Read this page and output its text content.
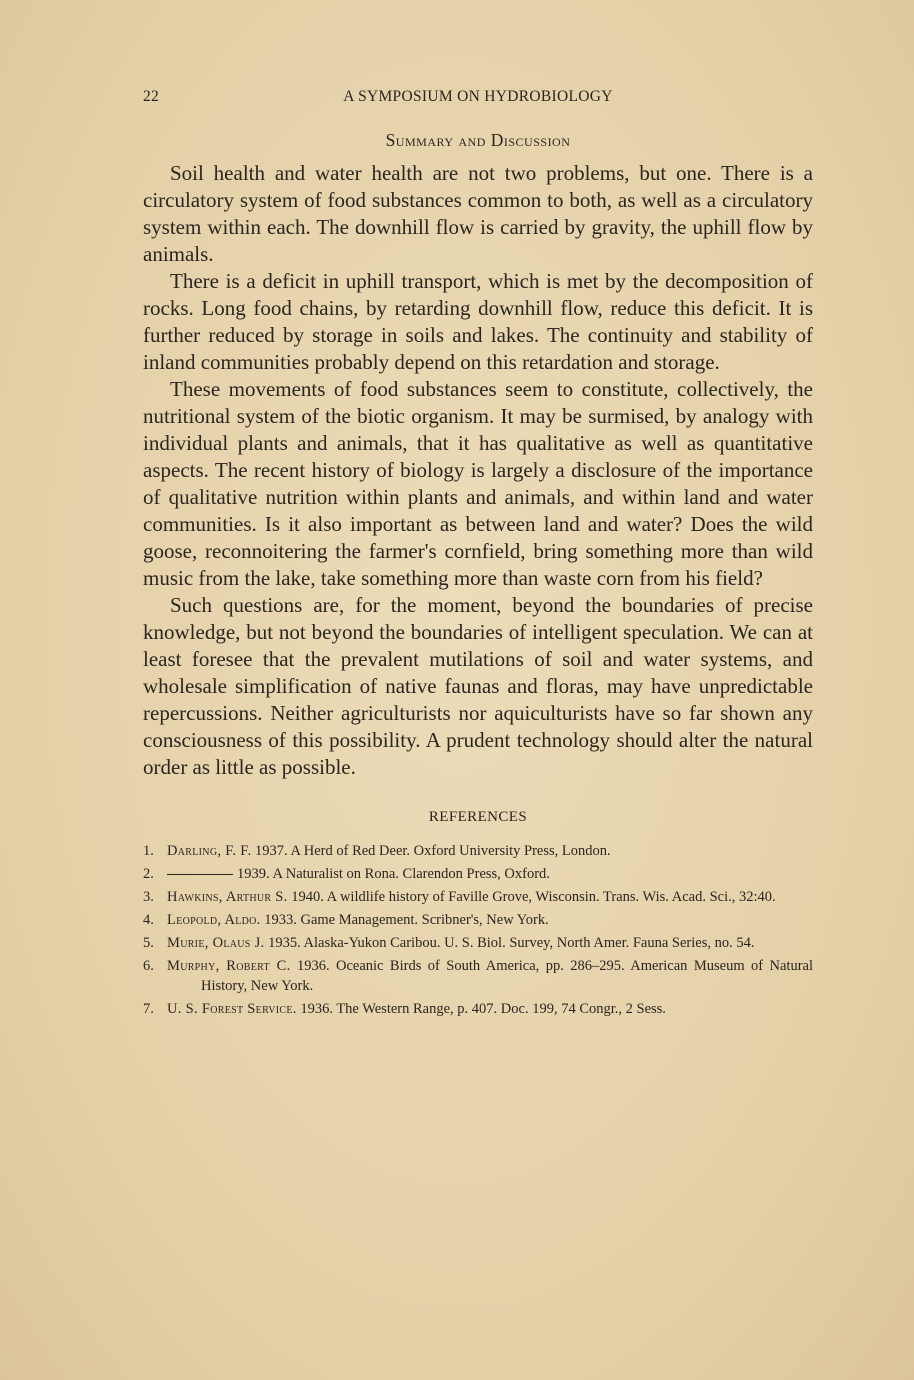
22	A SYMPOSIUM ON HYDROBIOLOGY
Summary and Discussion

Soil health and water health are not two problems, but one. There is a circulatory system of food substances common to both, as well as a circulatory system within each. The downhill flow is carried by gravity, the uphill flow by animals.

There is a deficit in uphill transport, which is met by the decomposition of rocks. Long food chains, by retarding downhill flow, reduce this deficit. It is further reduced by storage in soils and lakes. The continuity and stability of inland communities probably depend on this retardation and storage.

These movements of food substances seem to constitute, collectively, the nutritional system of the biotic organism. It may be surmised, by analogy with individual plants and animals, that it has qualitative as well as quantitative aspects. The recent history of biology is largely a disclosure of the importance of qualitative nutrition within plants and animals, and within land and water communities. Is it also important as between land and water? Does the wild goose, reconnoitering the farmer's cornfield, bring something more than wild music from the lake, take something more than waste corn from his field?

Such questions are, for the moment, beyond the boundaries of precise knowledge, but not beyond the boundaries of intelligent speculation. We can at least foresee that the prevalent mutilations of soil and water systems, and wholesale simplification of native faunas and floras, may have unpredictable repercussions. Neither agriculturists nor aquiculturists have so far shown any consciousness of this possibility. A prudent technology should alter the natural order as little as possible.

REFERENCES
1. Darling, F. F. 1937. A Herd of Red Deer. Oxford University Press, London.
2.	1939. A Naturalist on Rona. Clarendon Press, Oxford.
3. Hawkins, Arthur S. 1940. A wildlife history of Faville Grove, Wisconsin. Trans. Wis. Acad. Sci., 32:40.
4. Leopold, Aldo. 1933. Game Management. Scribner's, New York.
5. Murie, Olaus J. 1935. Alaska-Yukon Caribou. U. S. Biol. Survey, North Amer. Fauna Series, no. 54.
6. Murphy, Robert C. 1936. Oceanic Birds of South America, pp. 286–295. American Museum of Natural History, New York.
7. U. S. Forest Service. 1936. The Western Range, p. 407. Doc. 199, 74 Congr., 2 Sess.
